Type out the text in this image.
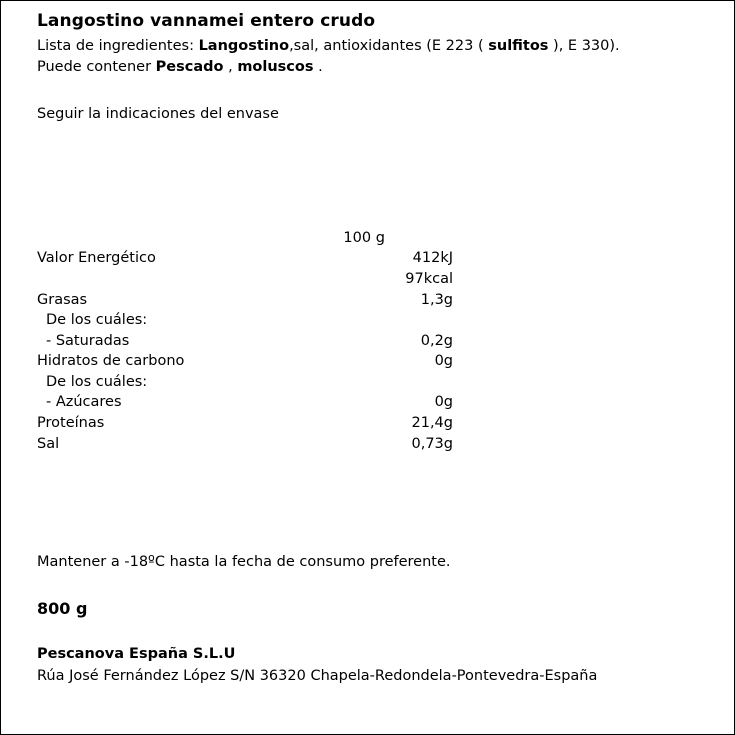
Langostino vannamei entero crudo
Lista de ingredientes: Langostino,sal, antioxidantes (E 223 ( sulfitos ), E 330).
Puede contener Pescado , moluscos .
Seguir la indicaciones del envase
	100 g
Valor Energético	412kJ
	97kcal
Grasas	1,3g
De los cuáles:	
- Saturadas	0,2g
Hidratos de carbono	0g
De los cuáles:	
- Azúcares	0g
Proteínas	21,4g
Sal	0,73g
Mantener a -18ºC hasta la fecha de consumo preferente.
800 g
Pescanova España S.L.U
Rúa José Fernández López S/N 36320 Chapela-Redondela-Pontevedra-España
